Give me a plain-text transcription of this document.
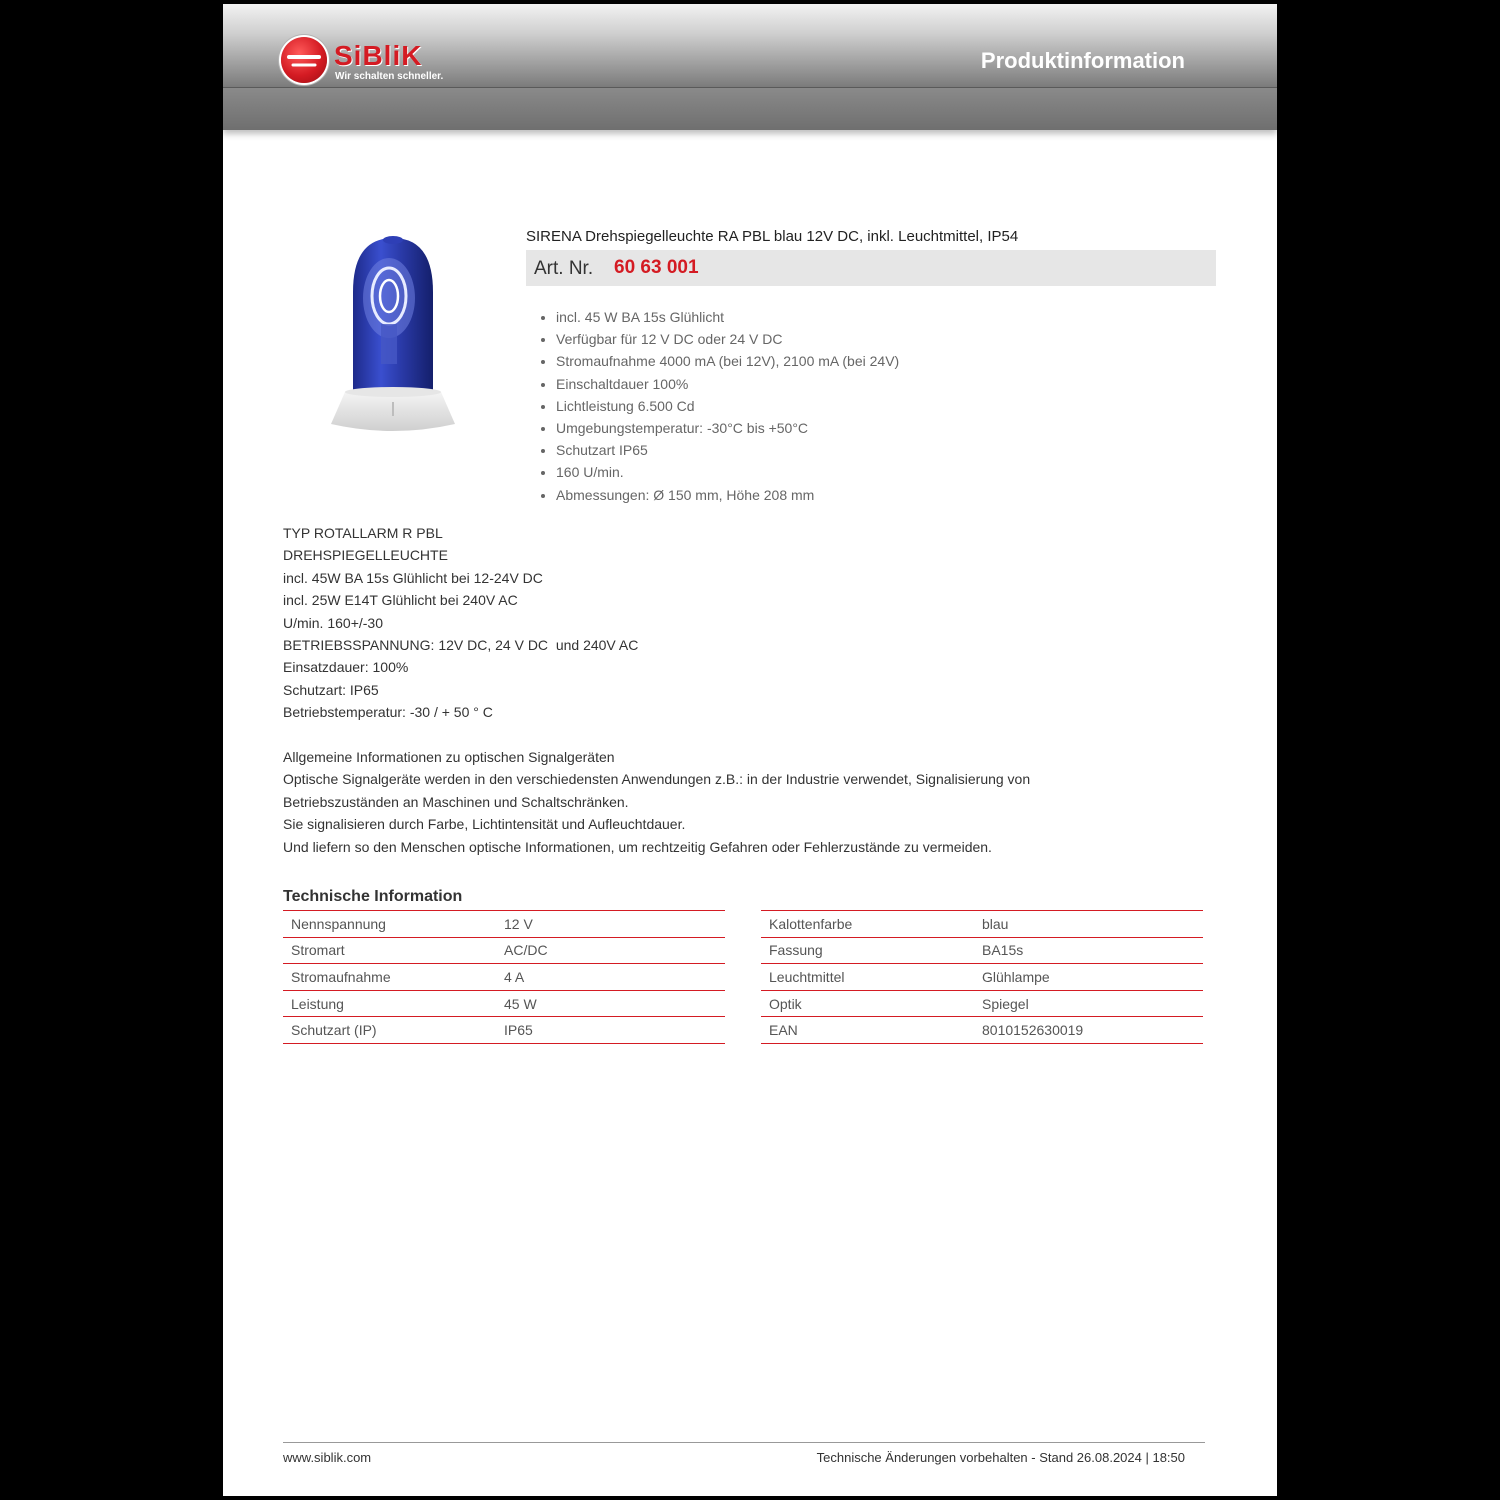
SiBliK
Wir schalten schneller.
Produktinformation
SIRENA Drehspiegelleuchte RA PBL blau 12V DC, inkl. Leuchtmittel, IP54
Art. Nr. 60 63 001
• incl. 45 W BA 15s Glühlicht
• Verfügbar für 12 V DC oder 24 V DC
• Stromaufnahme 4000 mA (bei 12V), 2100 mA (bei 24V)
• Einschaltdauer 100%
• Lichtleistung 6.500 Cd
• Umgebungstemperatur: -30°C bis +50°C
• Schutzart IP65
• 160 U/min.
• Abmessungen: Ø 150 mm, Höhe 208 mm
TYP ROTALLARM R PBL
DREHSPIEGELLEUCHTE
incl. 45W BA 15s Glühlicht bei 12-24V DC
incl. 25W E14T Glühlicht bei 240V AC
U/min. 160+/-30
BETRIEBSSPANNUNG: 12V DC, 24 V DC  und 240V AC
Einsatzdauer: 100%
Schutzart: IP65
Betriebstemperatur: -30 / + 50 ° C
Allgemeine Informationen zu optischen Signalgeräten
Optische Signalgeräte werden in den verschiedensten Anwendungen z.B.: in der Industrie verwendet, Signalisierung von
Betriebszuständen an Maschinen und Schaltschränken.
Sie signalisieren durch Farbe, Lichtintensität und Aufleuchtdauer.
Und liefern so den Menschen optische Informationen, um rechtzeitig Gefahren oder Fehlerzustände zu vermeiden.
Technische Information
Nennspannung	12 V
Stromart	AC/DC
Stromaufnahme	4 A
Leistung	45 W
Schutzart (IP)	IP65
Kalottenfarbe	blau
Fassung	BA15s
Leuchtmittel	Glühlampe
Optik	Spiegel
EAN	8010152630019
www.siblik.com	Technische Änderungen vorbehalten - Stand 26.08.2024 | 18:50
